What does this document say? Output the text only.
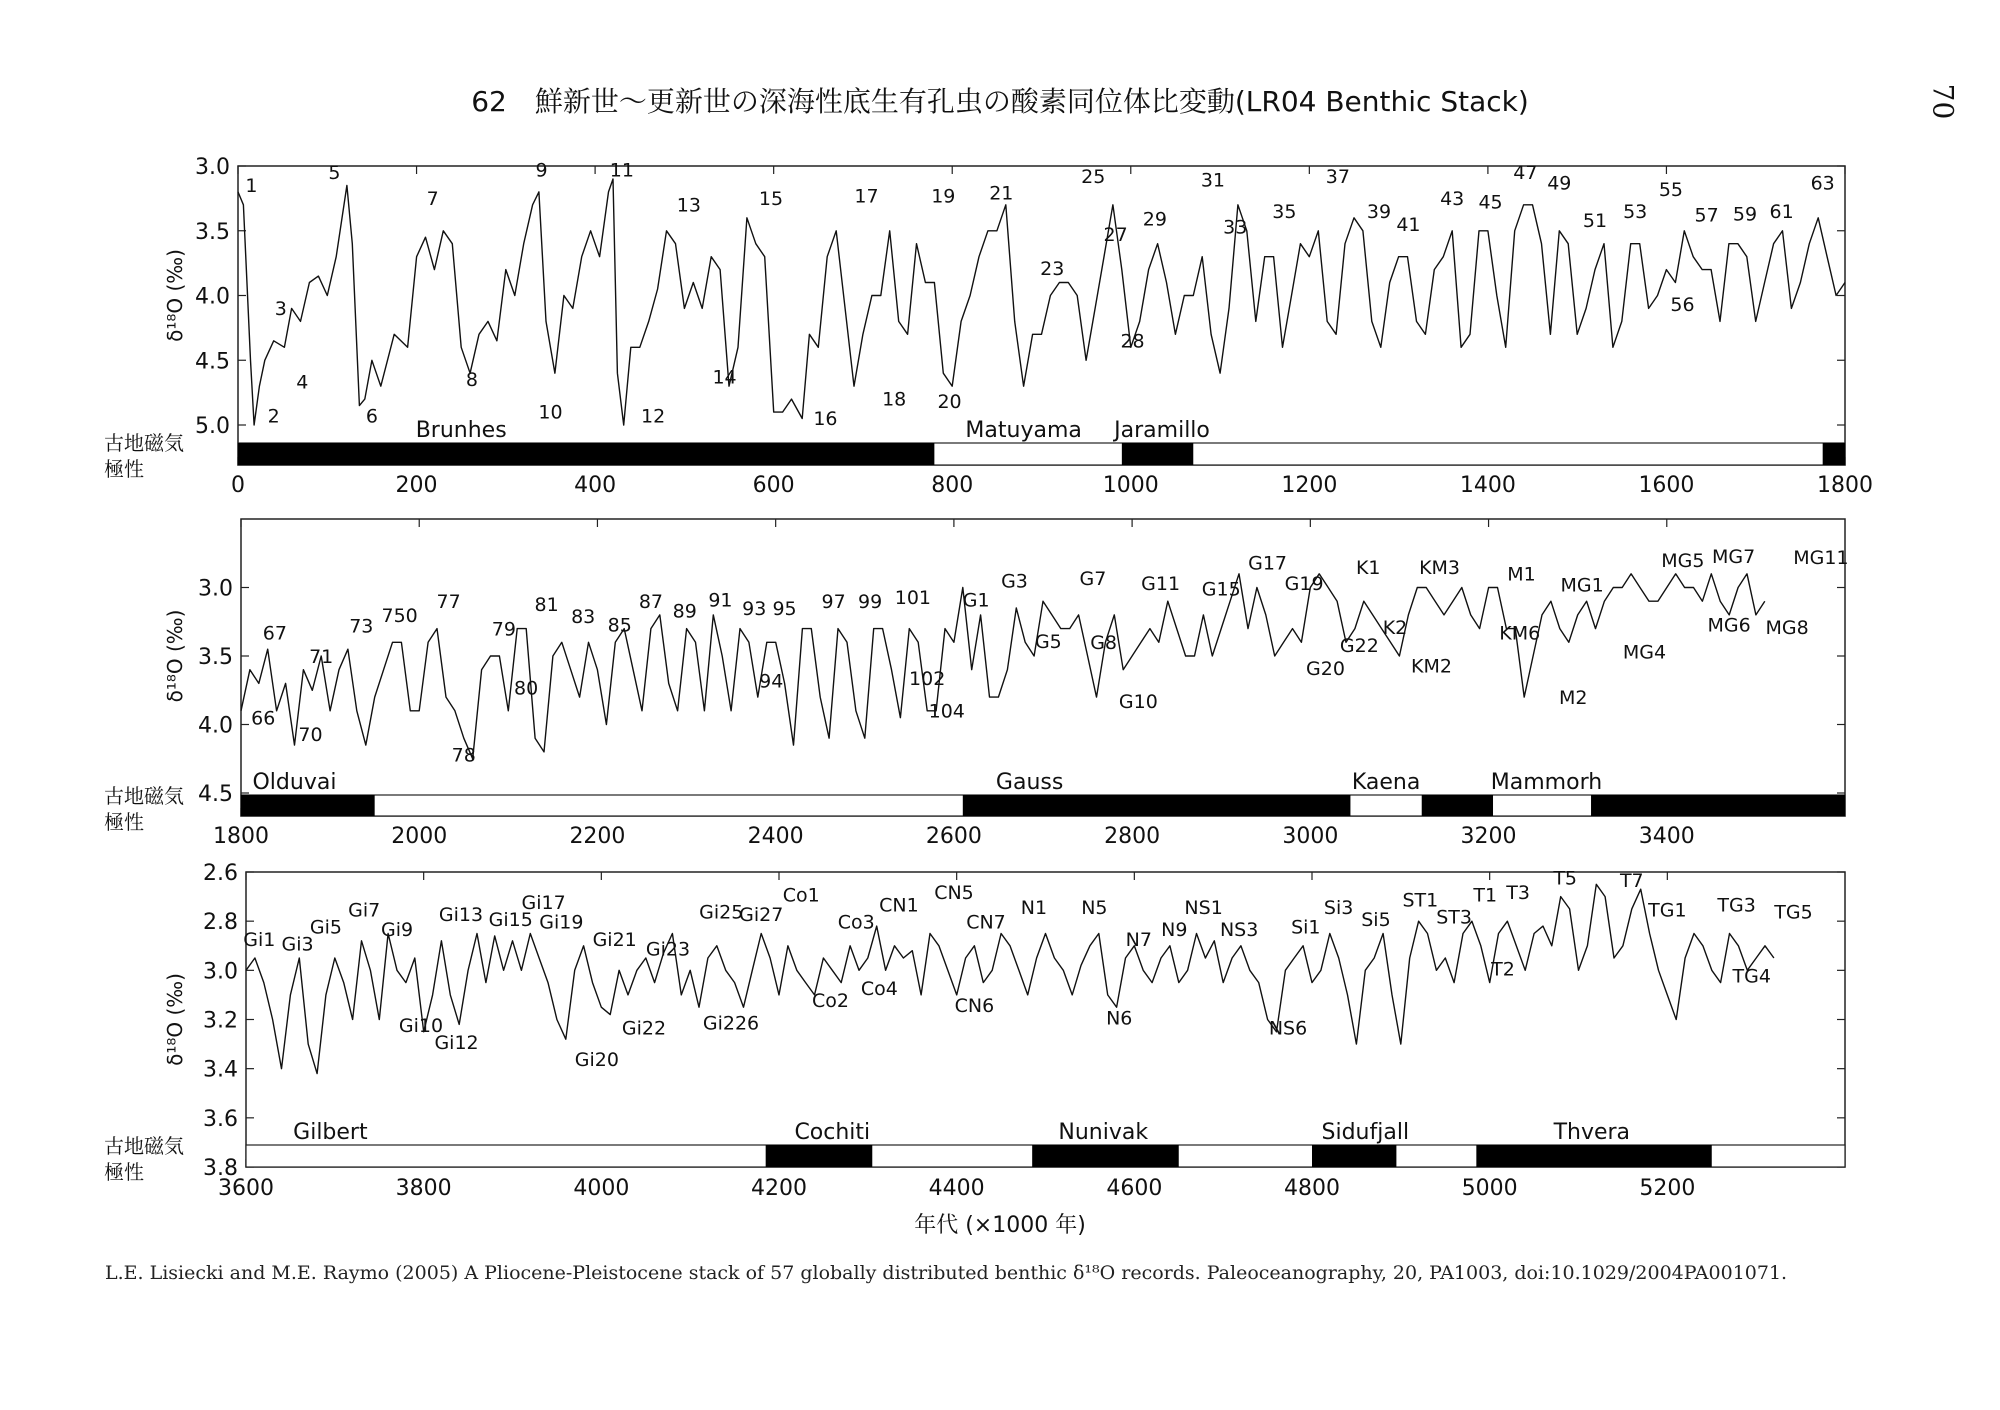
62　鮮新世〜更新世の深海性底生有孔虫の酸素同位体比変動(LR04 Benthic Stack)	70
3.0
3.5
4.0
4.5
5.0
δ¹⁸O (‰)
0	200	400	600	800	1000	1200	1400	1600	1800
Brunhes	Matuyama Jaramillo
1
2
3
4
5
6
7
8
9
10
11
12
13
14
15
16
17
18
19
20
21
23
25
27
28
29
31
33
35
37
39
41
43 45
47 49
51 53
55
56
57 59 61
63
3.0
3.5
4.0
4.5
δ¹⁸O (‰)
1800	2000	2200	2400	2600	2800	3000	3200	3400
Olduvai	Gauss	Kaena	Mammorh
66
67
70
71
73 750
77
78
79
80
81
83 85
87 89 91 93
94
95 97 99 101
102
104
G1
G3
G5
G7
G8
G10
G11 G15
G17
G19
G20
G22
K1
K2
KM2
KM3
KM6
M1
M2
MG1
MG4
MG5
MG6
MG7
MG8
MG11
2.6
2.8
3.0
3.2
3.4
3.6
3.8
δ¹⁸O (‰)
3600	3800	4000	4200	4400	4600	4800	5000	5200
Gilbert	Cochiti	Nunivak	Sidufjall	Thvera
Gi1 Gi3
Gi5
Gi7
Gi9
Gi10
Gi12
Gi13 Gi15
Gi17
Gi19
Gi20
Gi21
Gi22
Gi23
Gi25
Gi226
Gi27
Co1
Co2
Co3
Co4
CN1
CN5
CN6
CN7
N1 N5
N6
N7 N9
NS1
NS3
NS6
Si1
Si3
Si5
ST1
ST3
T1
T2
T3
T5 T7
TG1 TG3
TG4
TG5
古地磁気
極性
古地磁気
極性
古地磁気
極性
年代 (×1000 年)
L.E. Lisiecki and M.E. Raymo (2005) A Pliocene-Pleistocene stack of 57 globally distributed benthic δ¹⁸O records. Paleoceanography, 20, PA1003, doi:10.1029/2004PA001071.
